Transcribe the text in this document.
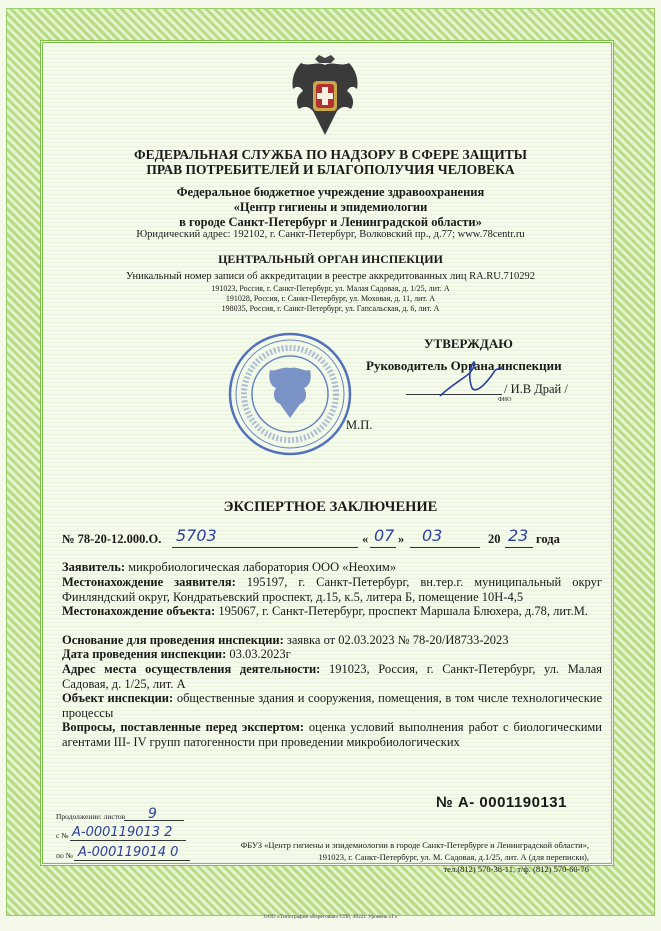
ФЕДЕРАЛЬНАЯ СЛУЖБА ПО НАДЗОРУ В СФЕРЕ ЗАЩИТЫ
ПРАВ ПОТРЕБИТЕЛЕЙ И БЛАГОПОЛУЧИЯ ЧЕЛОВЕКА
Федеральное бюджетное учреждение здравоохранения
«Центр гигиены и эпидемиологии
в городе Санкт-Петербург и Ленинградской области»
Юридический адрес: 192102, г. Санкт-Петербург, Волковский пр., д.77; www.78centr.ru
ЦЕНТРАЛЬНЫЙ ОРГАН ИНСПЕКЦИИ
Уникальный номер записи об аккредитации в реестре аккредитованных лиц RA.RU.710292
191023, Россия, г. Санкт-Петербург, ул. Малая Садовая, д. 1/25, лит. А
191028, Россия, г. Санкт-Петербург, ул. Моховая, д. 11, лит. А
198035, Россия, г. Санкт-Петербург, ул. Гапсальская, д. 6, лит. А
УТВЕРЖДАЮ
Руководитель Органа инспекции
/ И.В Драй /
ФИО
М.П.
ЭКСПЕРТНОЕ ЗАКЛЮЧЕНИЕ
№ 78-20-12.000.О. 5703	« 07 » 03	20 23 года
Заявитель: микробиологическая лаборатория ООО «Неохим»
Местонахождение заявителя: 195197, г. Санкт-Петербург, вн.тер.г. муниципальный округ Финляндский округ, Кондратьевский проспект, д.15, к.5, литера Б, помещение 10Н-4,5
Местонахождение объекта: 195067, г. Санкт-Петербург, проспект Маршала Блюхера, д.78, лит.М.
Основание для проведения инспекции: заявка от 02.03.2023 № 78-20/И8733-2023
Дата проведения инспекции: 03.03.2023г
Адрес места осуществления деятельности: 191023, Россия, г. Санкт-Петербург, ул. Малая Садовая, д. 1/25, лит. А
Объект инспекции: общественные здания и сооружения, помещения, в том числе технологические процессы
Вопросы, поставленные перед экспертом: оценка условий выполнения работ с биологическими агентами III- IV групп патогенности при проведении микробиологических
№ А- 0001190131
Продолжение: листов 9
с № А-000119013 2
по № А-000119014 0	ФБУЗ «Центр гигиены и эпидемиологии в городе Санкт-Петербурге и Ленинградской области»,
191023, г. Санкт-Петербург, ул. М. Садовая, д.1/25, лит. А (для переписки),
тел.(812) 570-38-11, т/ф. (812) 570-60-76
ООО «Типография «Береговая» СПб, 2022г. Уровень «Г»
